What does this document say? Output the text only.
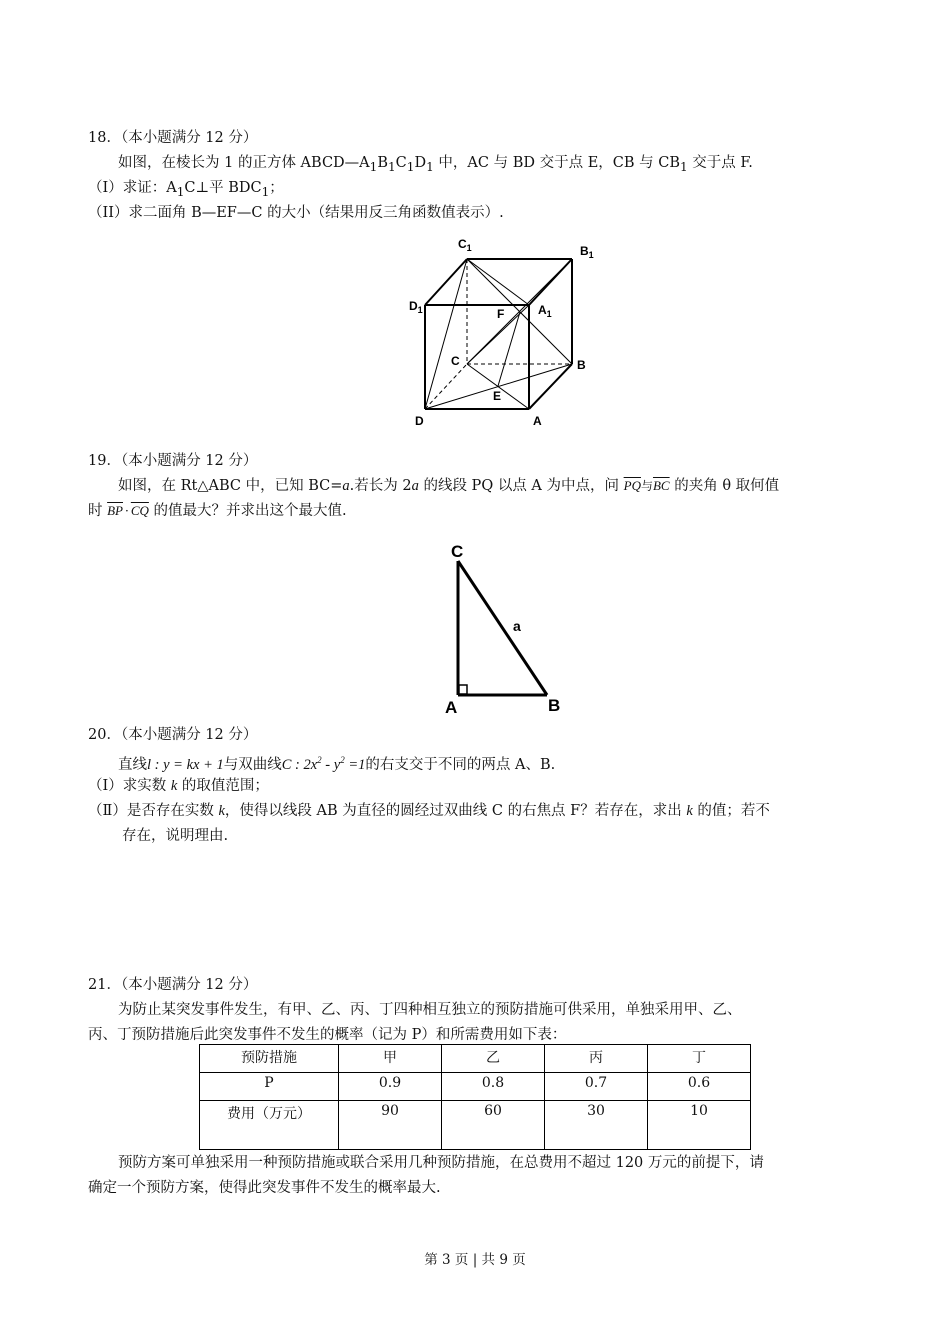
18．（本小题满分 12 分）
如图，在棱长为 1 的正方体 $ABCD—A_1B_1C_1D_1$ 中，AC 与 BD 交于点 E，CB 与 $CB_1$ 交于点 F.
（I）求证：$A_1C\perp$平 $BDC_1$；
（II）求二面角 B—EF—C 的大小（结果用反三角函数值表示）.
$C_1$	$B_1$
$D_1$	$A_1$
F
C	B
E
D	A
19．（本小题满分 12 分）
如图，在 Rt△ABC 中，已知 BC=a.若长为 2a 的线段 PQ 以点 A 为中点，问 $\overline{PQ}$与$\overline{BC}$ 的夹角 θ 取何值
时 $\overline{BP} \cdot \overline{CQ}$ 的值最大？并求出这个最大值.
C
a
A	B
20．（本小题满分 12 分）
直线l : y = kx + 1与双曲线C : $2x^2 - y^2 =1$的右支交于不同的两点 A、B.
（Ⅰ）求实数 k 的取值范围；
（Ⅱ）是否存在实数 k，使得以线段 AB 为直径的圆经过双曲线 C 的右焦点 F？若存在，求出 k 的值；若不
存在，说明理由.
21．（本小题满分 12 分）
为防止某突发事件发生，有甲、乙、丙、丁四种相互独立的预防措施可供采用，单独采用甲、乙、
丙、丁预防措施后此突发事件不发生的概率（记为 P）和所需费用如下表：
预防措施	甲	乙	丙	丁
P	0.9	0.8	0.7	0.6
费用（万元）	90	60	30	10
预防方案可单独采用一种预防措施或联合采用几种预防措施，在总费用不超过 120 万元的前提下，请
确定一个预防方案，使得此突发事件不发生的概率最大.
第 3 页 | 共 9 页
